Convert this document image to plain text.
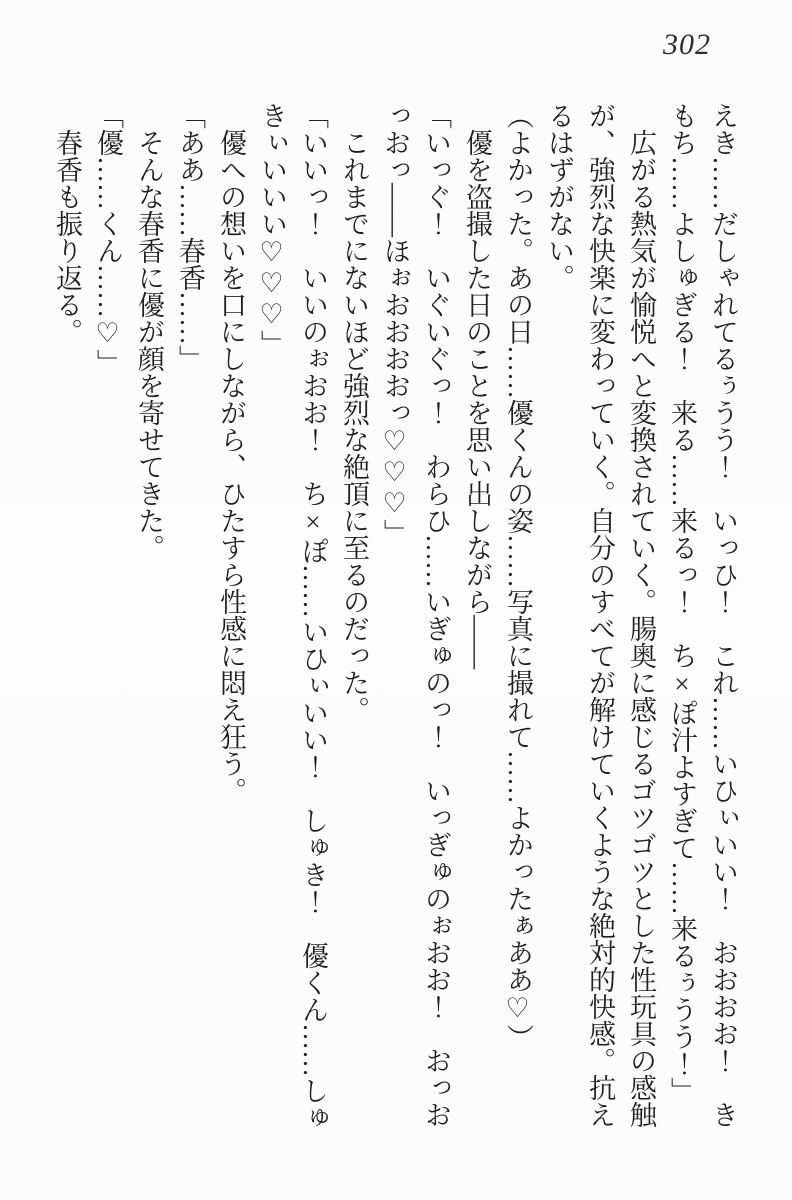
302

えき……だしゃれてるぅうう！　いっひ！　これ……いひぃいい！　おおおお！　き

もち……よしゅぎる！　来る……来るっ！　ち×ぽ汁よすぎて……来るぅうう！」

広がる熱気が愉悦へと変換されていく。腸奥に感じるゴツゴツとした性玩具の感触

が、強烈な快楽に変わっていく。自分のすべてが解けていくような絶対的快感。抗え

るはずがない。

（よかった。あの日……優くんの姿……写真に撮れて……よかったぁああ♡）

優を盗撮した日のことを思い出しながら——

「いっぐ！　いぐいぐっ！　わらひ……いぎゅのっ！　いっぎゅのぉおお！　おっお

っおっ——ほぉおおおおっ♡♡♡」

これまでにないほど強烈な絶頂に至るのだった。

「いいっ！　いいのぉおお！　ち×ぽ……いひぃいい！　しゅき！　優くん……しゅ

きぃいいい♡♡♡」

優への想いを口にしながら、ひたすら性感に悶え狂う。

「ああ……春香……」

そんな春香に優が顔を寄せてきた。

「優……くん……♡」

春香も振り返る。
